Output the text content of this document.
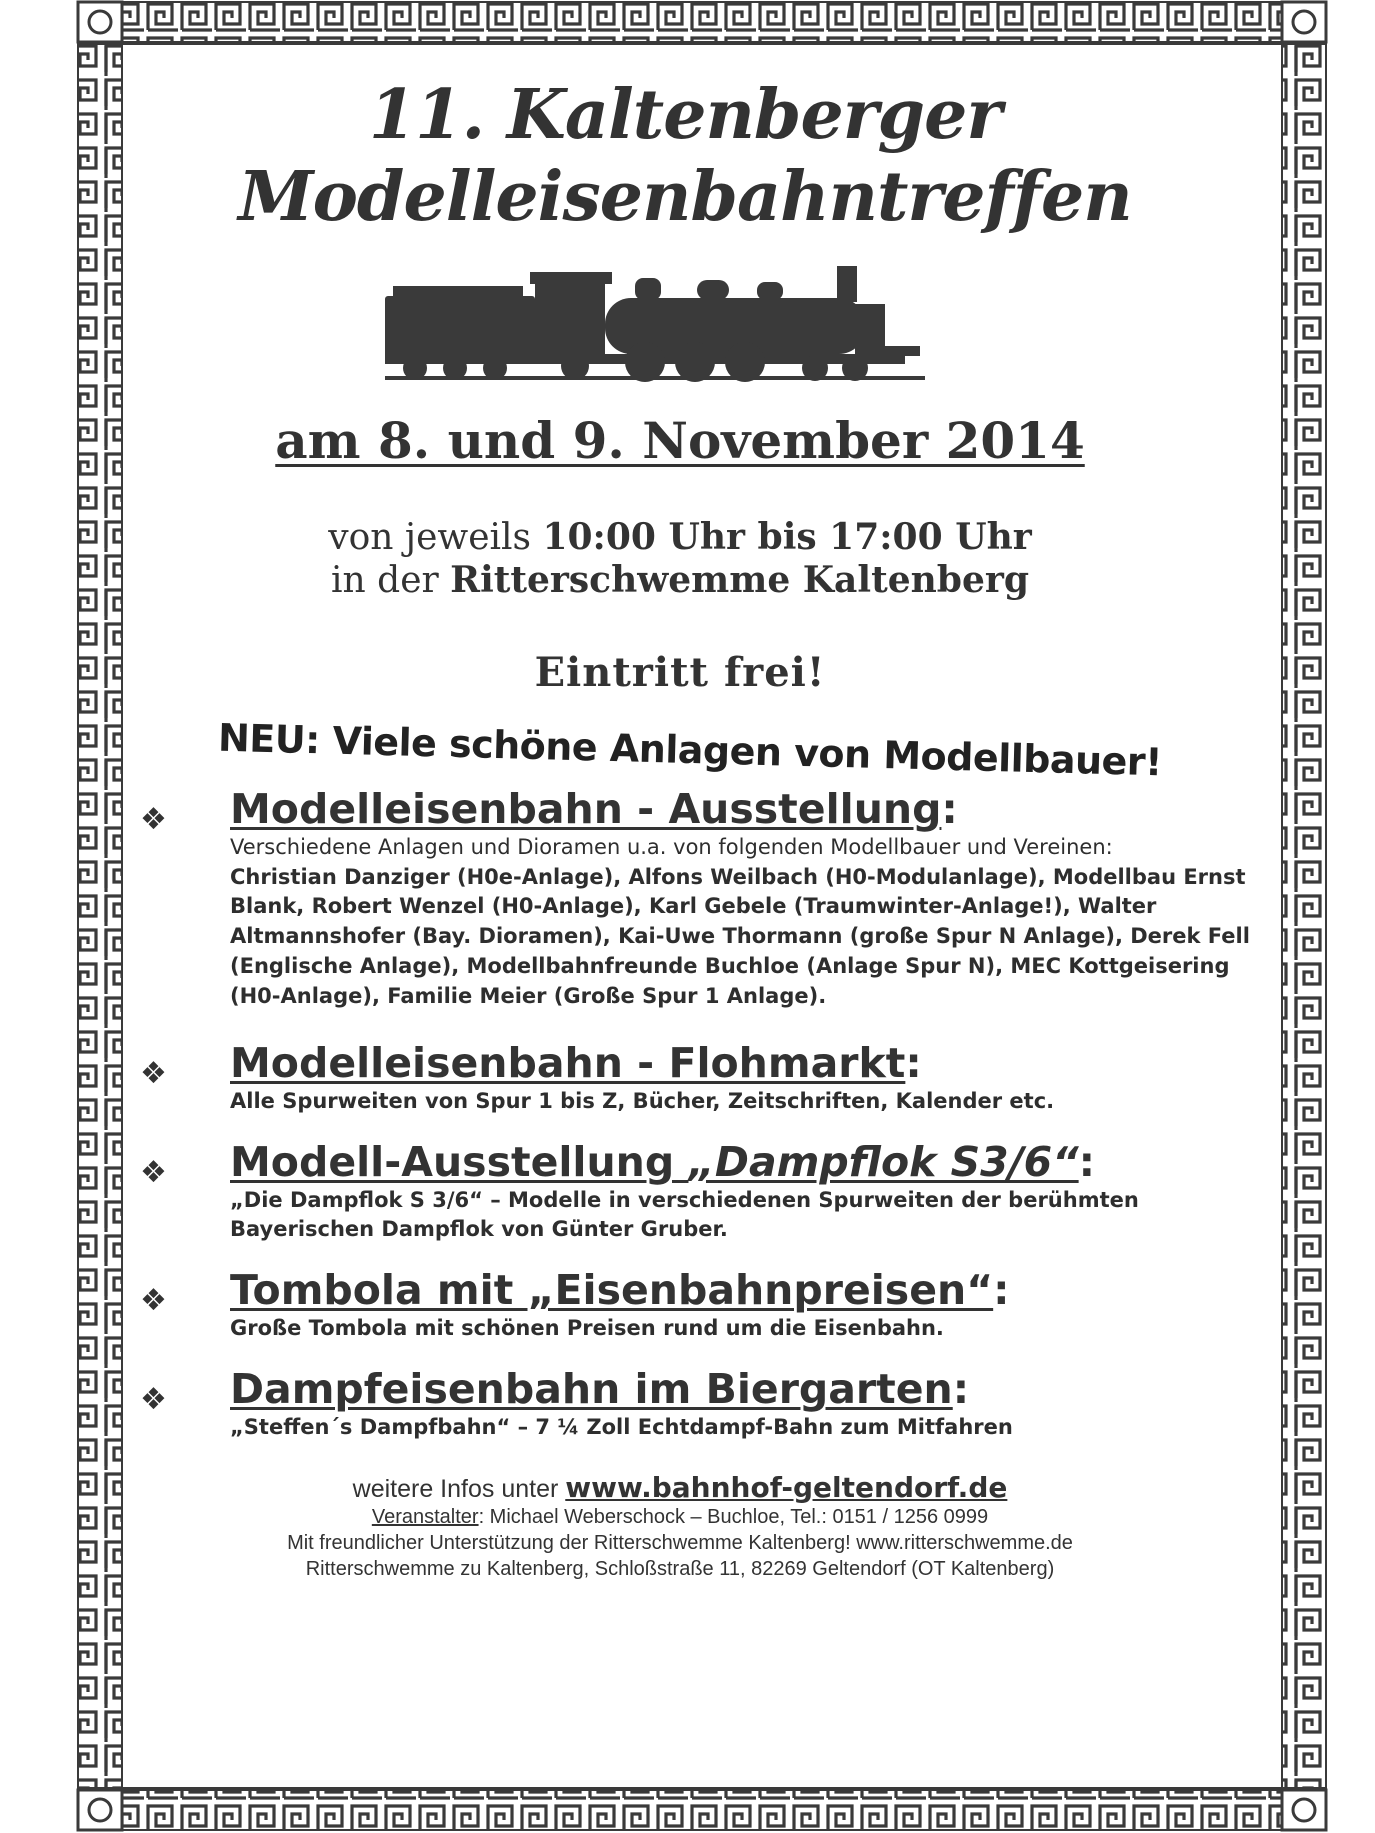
11. Kaltenberger
Modelleisenbahntreffen
am 8. und 9. November 2014
von jeweils 10:00 Uhr bis 17:00 Uhr
in der Ritterschwemme Kaltenberg
Eintritt frei!
NEU: Viele schöne Anlagen von Modellbauer!
❖ Modelleisenbahn - Ausstellung:
Verschiedene Anlagen und Dioramen u.a. von folgenden Modellbauer und Vereinen:
Christian Danziger (H0e-Anlage), Alfons Weilbach (H0-Modulanlage), Modellbau Ernst Blank, Robert Wenzel (H0-Anlage), Karl Gebele (Traumwinter-Anlage!), Walter Altmannshofer (Bay. Dioramen), Kai-Uwe Thormann (große Spur N Anlage), Derek Fell (Englische Anlage), Modellbahnfreunde Buchloe (Anlage Spur N), MEC Kottgeisering (H0-Anlage), Familie Meier (Große Spur 1 Anlage).
❖ Modelleisenbahn - Flohmarkt:
Alle Spurweiten von Spur 1 bis Z, Bücher, Zeitschriften, Kalender etc.
❖ Modell-Ausstellung „Dampflok S3/6“:
„Die Dampflok S 3/6“ – Modelle in verschiedenen Spurweiten der berühmten Bayerischen Dampflok von Günter Gruber.
❖ Tombola mit „Eisenbahnpreisen“:
Große Tombola mit schönen Preisen rund um die Eisenbahn.
❖ Dampfeisenbahn im Biergarten:
„Steffen´s Dampfbahn“ – 7 ¼ Zoll Echtdampf-Bahn zum Mitfahren
weitere Infos unter www.bahnhof-geltendorf.de
Veranstalter: Michael Weberschock – Buchloe, Tel.: 0151 / 1256 0999
Mit freundlicher Unterstützung der Ritterschwemme Kaltenberg! www.ritterschwemme.de
Ritterschwemme zu Kaltenberg, Schloßstraße 11, 82269 Geltendorf (OT Kaltenberg)
